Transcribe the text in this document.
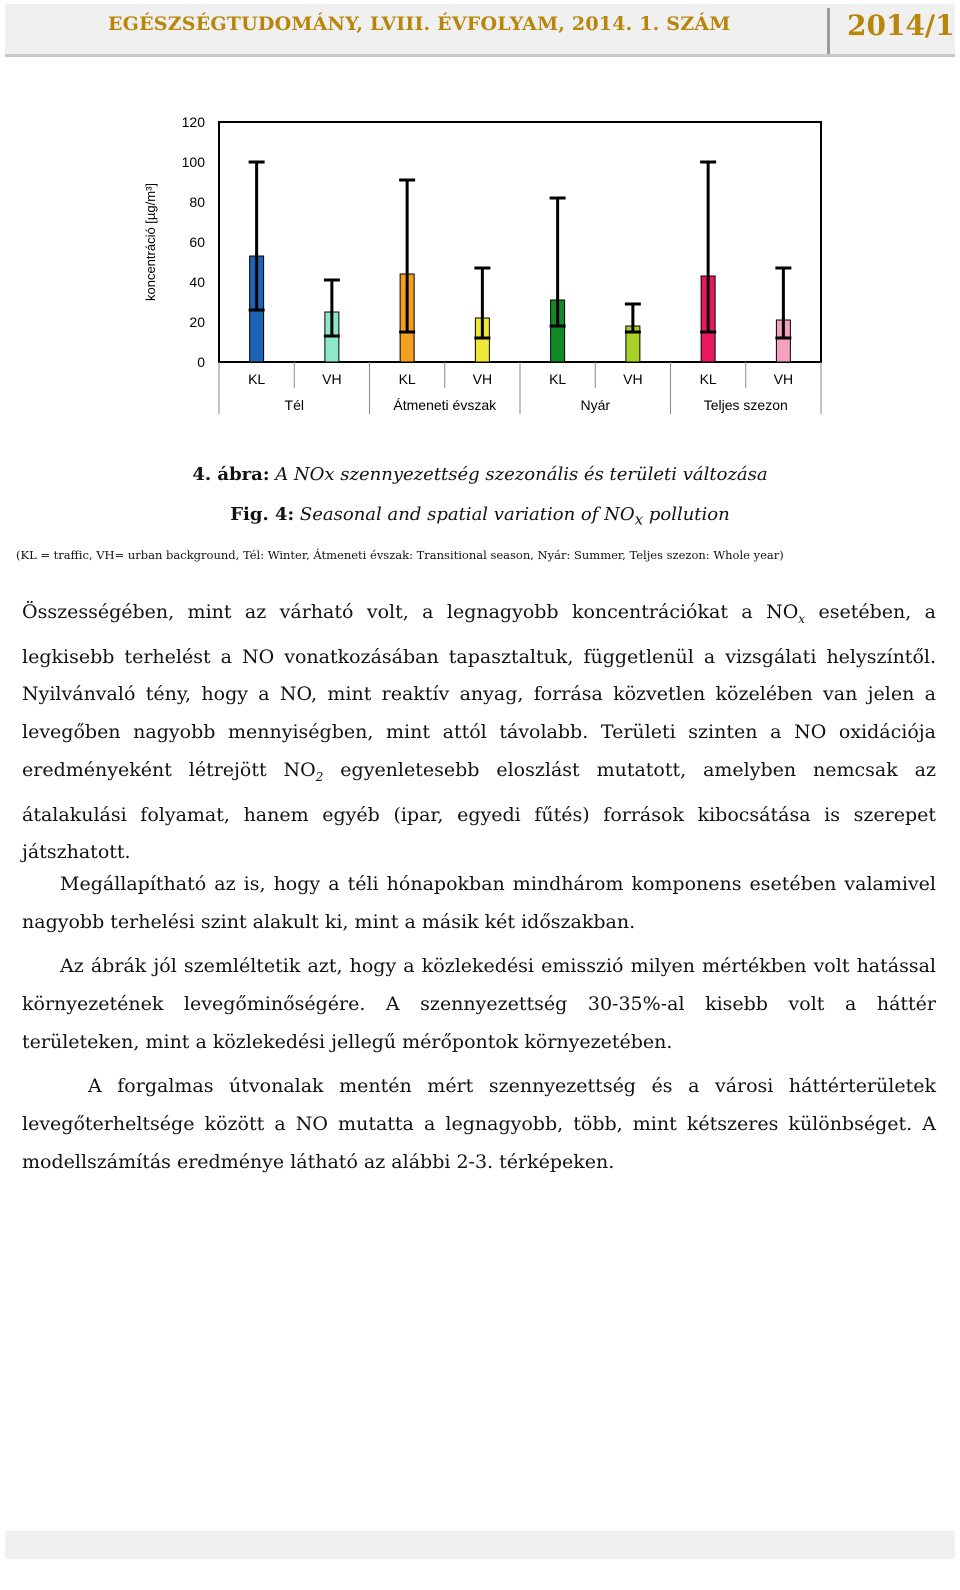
EGÉSZSÉGTUDOMÁNY, LVIII. ÉVFOLYAM, 2014. 1. SZÁM	2014/1
0
20
40
60
80
100
120
koncentráció [µg/m³]
KL	VH	KL	VH	KL	VH	KL	VH
Tél	Átmeneti évszak	Nyár	Teljes szezon
4. ábra: A NOx szennyezettség szezonális és területi változása
Fig. 4: Seasonal and spatial variation of $NO_x$ pollution
(KL = traffic, VH= urban background, Tél: Winter, Átmeneti évszak: Transitional season, Nyár: Summer, Teljes szezon: Whole year)
Összességében, mint az várható volt, a legnagyobb koncentrációkat a $NO_x$ esetében, a legkisebb terhelést a NO vonatkozásában tapasztaltuk, függetlenül a vizsgálati helyszíntől. Nyilvánvaló tény, hogy a NO, mint reaktív anyag, forrása közvetlen közelében van jelen a levegőben nagyobb mennyiségben, mint attól távolabb. Területi szinten a NO oxidációja eredményeként létrejött $NO_2$ egyenletesebb eloszlást mutatott, amelyben nemcsak az átalakulási folyamat, hanem egyéb (ipar, egyedi fűtés) források kibocsátása is szerepet játszhatott.
Megállapítható az is, hogy a téli hónapokban mindhárom komponens esetében valamivel nagyobb terhelési szint alakult ki, mint a másik két időszakban.
Az ábrák jól szemléltetik azt, hogy a közlekedési emisszió milyen mértékben volt hatással környezetének levegőminőségére. A szennyezettség 30-35%-al kisebb volt a háttér területeken, mint a közlekedési jellegű mérőpontok környezetében.
A forgalmas útvonalak mentén mért szennyezettség és a városi háttérterületek levegőterheltsége között a NO mutatta a legnagyobb, több, mint kétszeres különbséget. A modellszámítás eredménye látható az alábbi 2-3. térképeken.
